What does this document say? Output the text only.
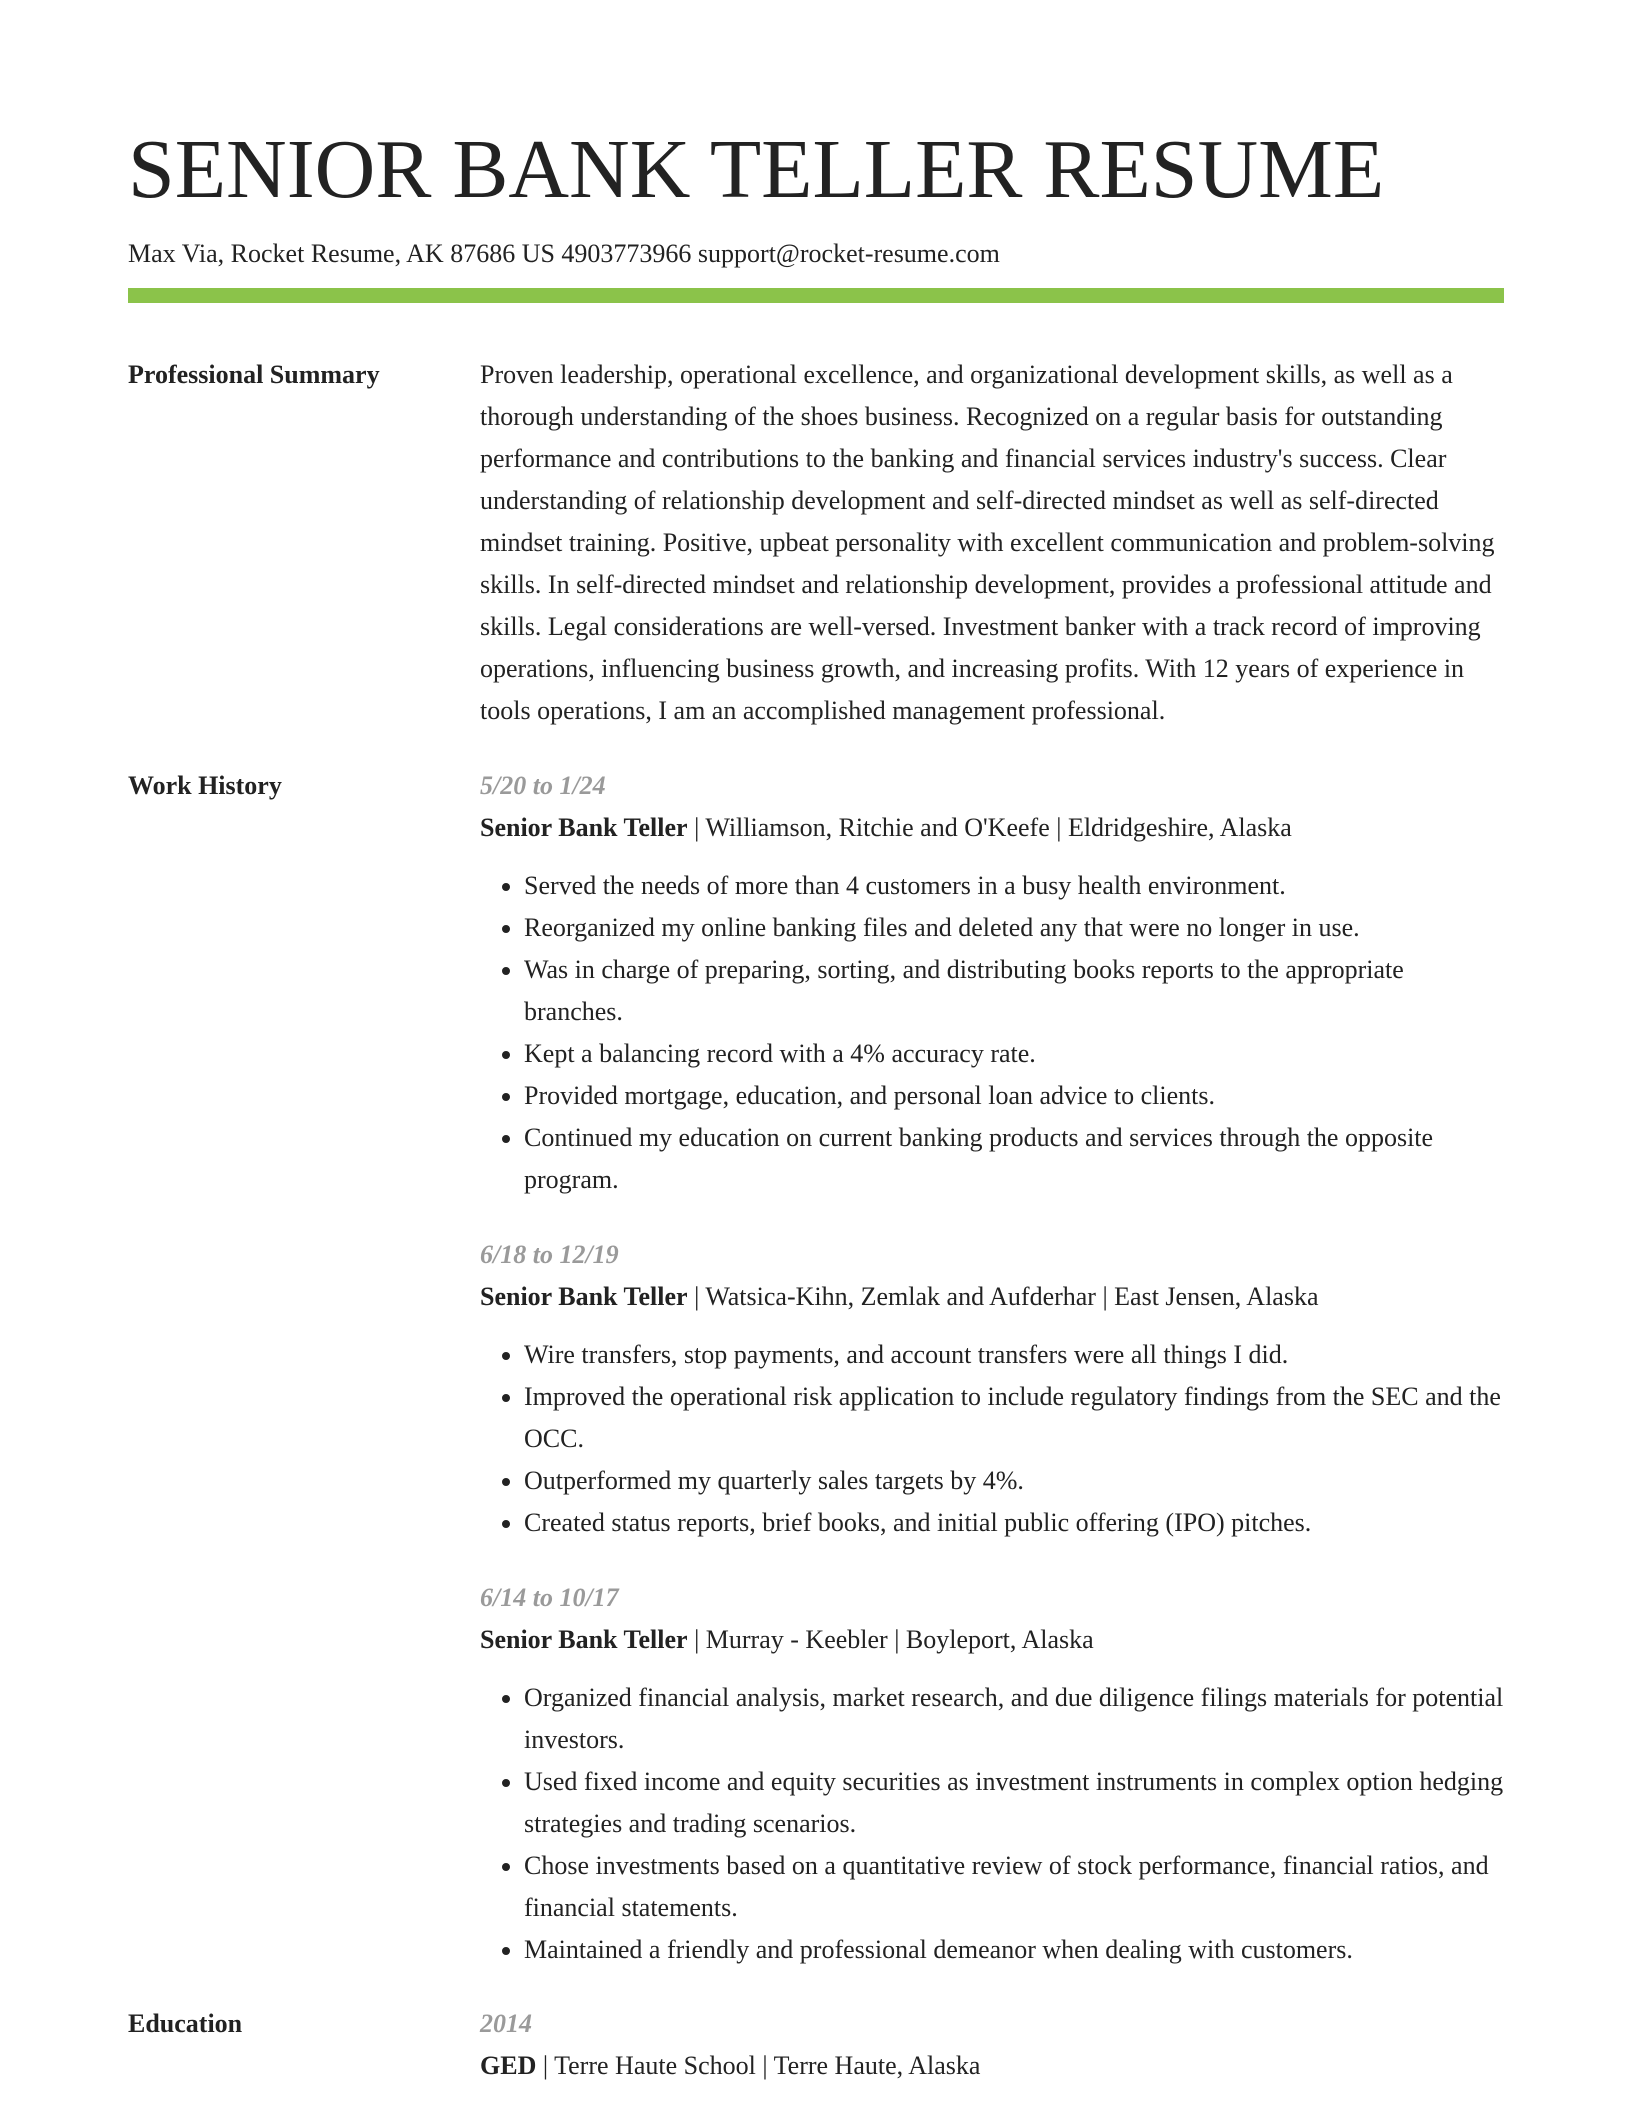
SENIOR BANK TELLER RESUME
Max Via, Rocket Resume, AK 87686 US 4903773966 support@rocket-resume.com
Professional Summary	Proven leadership, operational excellence, and organizational development skills, as well as a thorough understanding of the shoes business. Recognized on a regular basis for outstanding performance and contributions to the banking and financial services industry's success. Clear understanding of relationship development and self-directed mindset as well as self-directed mindset training. Positive, upbeat personality with excellent communication and problem-solving skills. In self-directed mindset and relationship development, provides a professional attitude and skills. Legal considerations are well-versed. Investment banker with a track record of improving operations, influencing business growth, and increasing profits. With 12 years of experience in tools operations, I am an accomplished management professional.
Work History	5/20 to 1/24
Senior Bank Teller | Williamson, Ritchie and O'Keefe | Eldridgeshire, Alaska
• Served the needs of more than 4 customers in a busy health environment.
• Reorganized my online banking files and deleted any that were no longer in use.
• Was in charge of preparing, sorting, and distributing books reports to the appropriate branches.
• Kept a balancing record with a 4% accuracy rate.
• Provided mortgage, education, and personal loan advice to clients.
• Continued my education on current banking products and services through the opposite program.
6/18 to 12/19
Senior Bank Teller | Watsica-Kihn, Zemlak and Aufderhar | East Jensen, Alaska
• Wire transfers, stop payments, and account transfers were all things I did.
• Improved the operational risk application to include regulatory findings from the SEC and the OCC.
• Outperformed my quarterly sales targets by 4%.
• Created status reports, brief books, and initial public offering (IPO) pitches.
6/14 to 10/17
Senior Bank Teller | Murray - Keebler | Boyleport, Alaska
• Organized financial analysis, market research, and due diligence filings materials for potential investors.
• Used fixed income and equity securities as investment instruments in complex option hedging strategies and trading scenarios.
• Chose investments based on a quantitative review of stock performance, financial ratios, and financial statements.
• Maintained a friendly and professional demeanor when dealing with customers.
Education	2014
GED | Terre Haute School | Terre Haute, Alaska
